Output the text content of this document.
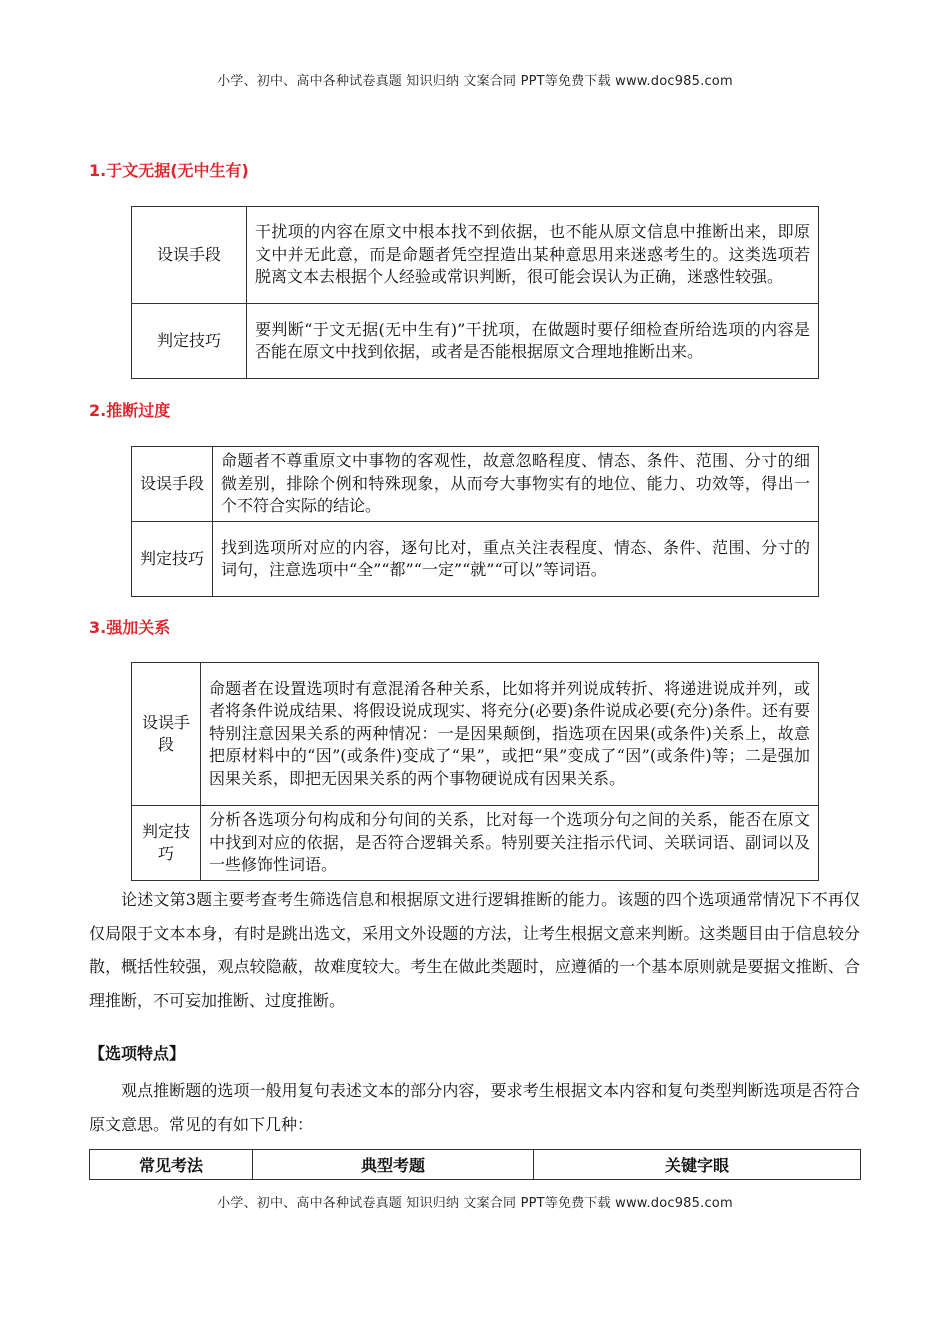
小学、初中、高中各种试卷真题 知识归纳 文案合同 PPT等免费下载 www.doc985.com
1.于文无据(无中生有)
设误手段	干扰项的内容在原文中根本找不到依据，也不能从原文信息中推断出来，即原文中并无此意，而是命题者凭空捏造出某种意思用来迷惑考生的。这类选项若脱离文本去根据个人经验或常识判断，很可能会误认为正确，迷惑性较强。
判定技巧	要判断“于文无据(无中生有)”干扰项，在做题时要仔细检查所给选项的内容是否能在原文中找到依据，或者是否能根据原文合理地推断出来。
2.推断过度
设误手段	命题者不尊重原文中事物的客观性，故意忽略程度、情态、条件、范围、分寸的细微差别，排除个例和特殊现象，从而夸大事物实有的地位、能力、功效等，得出一个不符合实际的结论。
判定技巧	找到选项所对应的内容，逐句比对，重点关注表程度、情态、条件、范围、分寸的词句，注意选项中“全”“都”“一定”“就”“可以”等词语。
3.强加关系
设误手段	命题者在设置选项时有意混淆各种关系，比如将并列说成转折、将递进说成并列，或者将条件说成结果、将假设说成现实、将充分(必要)条件说成必要(充分)条件。还有要特别注意因果关系的两种情况：一是因果颠倒，指选项在因果(或条件)关系上，故意把原材料中的“因”(或条件)变成了“果”，或把“果”变成了“因”(或条件)等；二是强加因果关系，即把无因果关系的两个事物硬说成有因果关系。
判定技巧	分析各选项分句构成和分句间的关系，比对每一个选项分句之间的关系，能否在原文中找到对应的依据，是否符合逻辑关系。特别要关注指示代词、关联词语、副词以及一些修饰性词语。
论述文第3题主要考查考生筛选信息和根据原文进行逻辑推断的能力。该题的四个选项通常情况下不再仅仅局限于文本本身，有时是跳出选文，采用文外设题的方法，让考生根据文意来判断。这类题目由于信息较分散，概括性较强，观点较隐蔽，故难度较大。考生在做此类题时，应遵循的一个基本原则就是要据文推断、合理推断，不可妄加推断、过度推断。
【选项特点】
观点推断题的选项一般用复句表述文本的部分内容，要求考生根据文本内容和复句类型判断选项是否符合原文意思。常见的有如下几种：
常见考法	典型考题	关键字眼
小学、初中、高中各种试卷真题 知识归纳 文案合同 PPT等免费下载 www.doc985.com
